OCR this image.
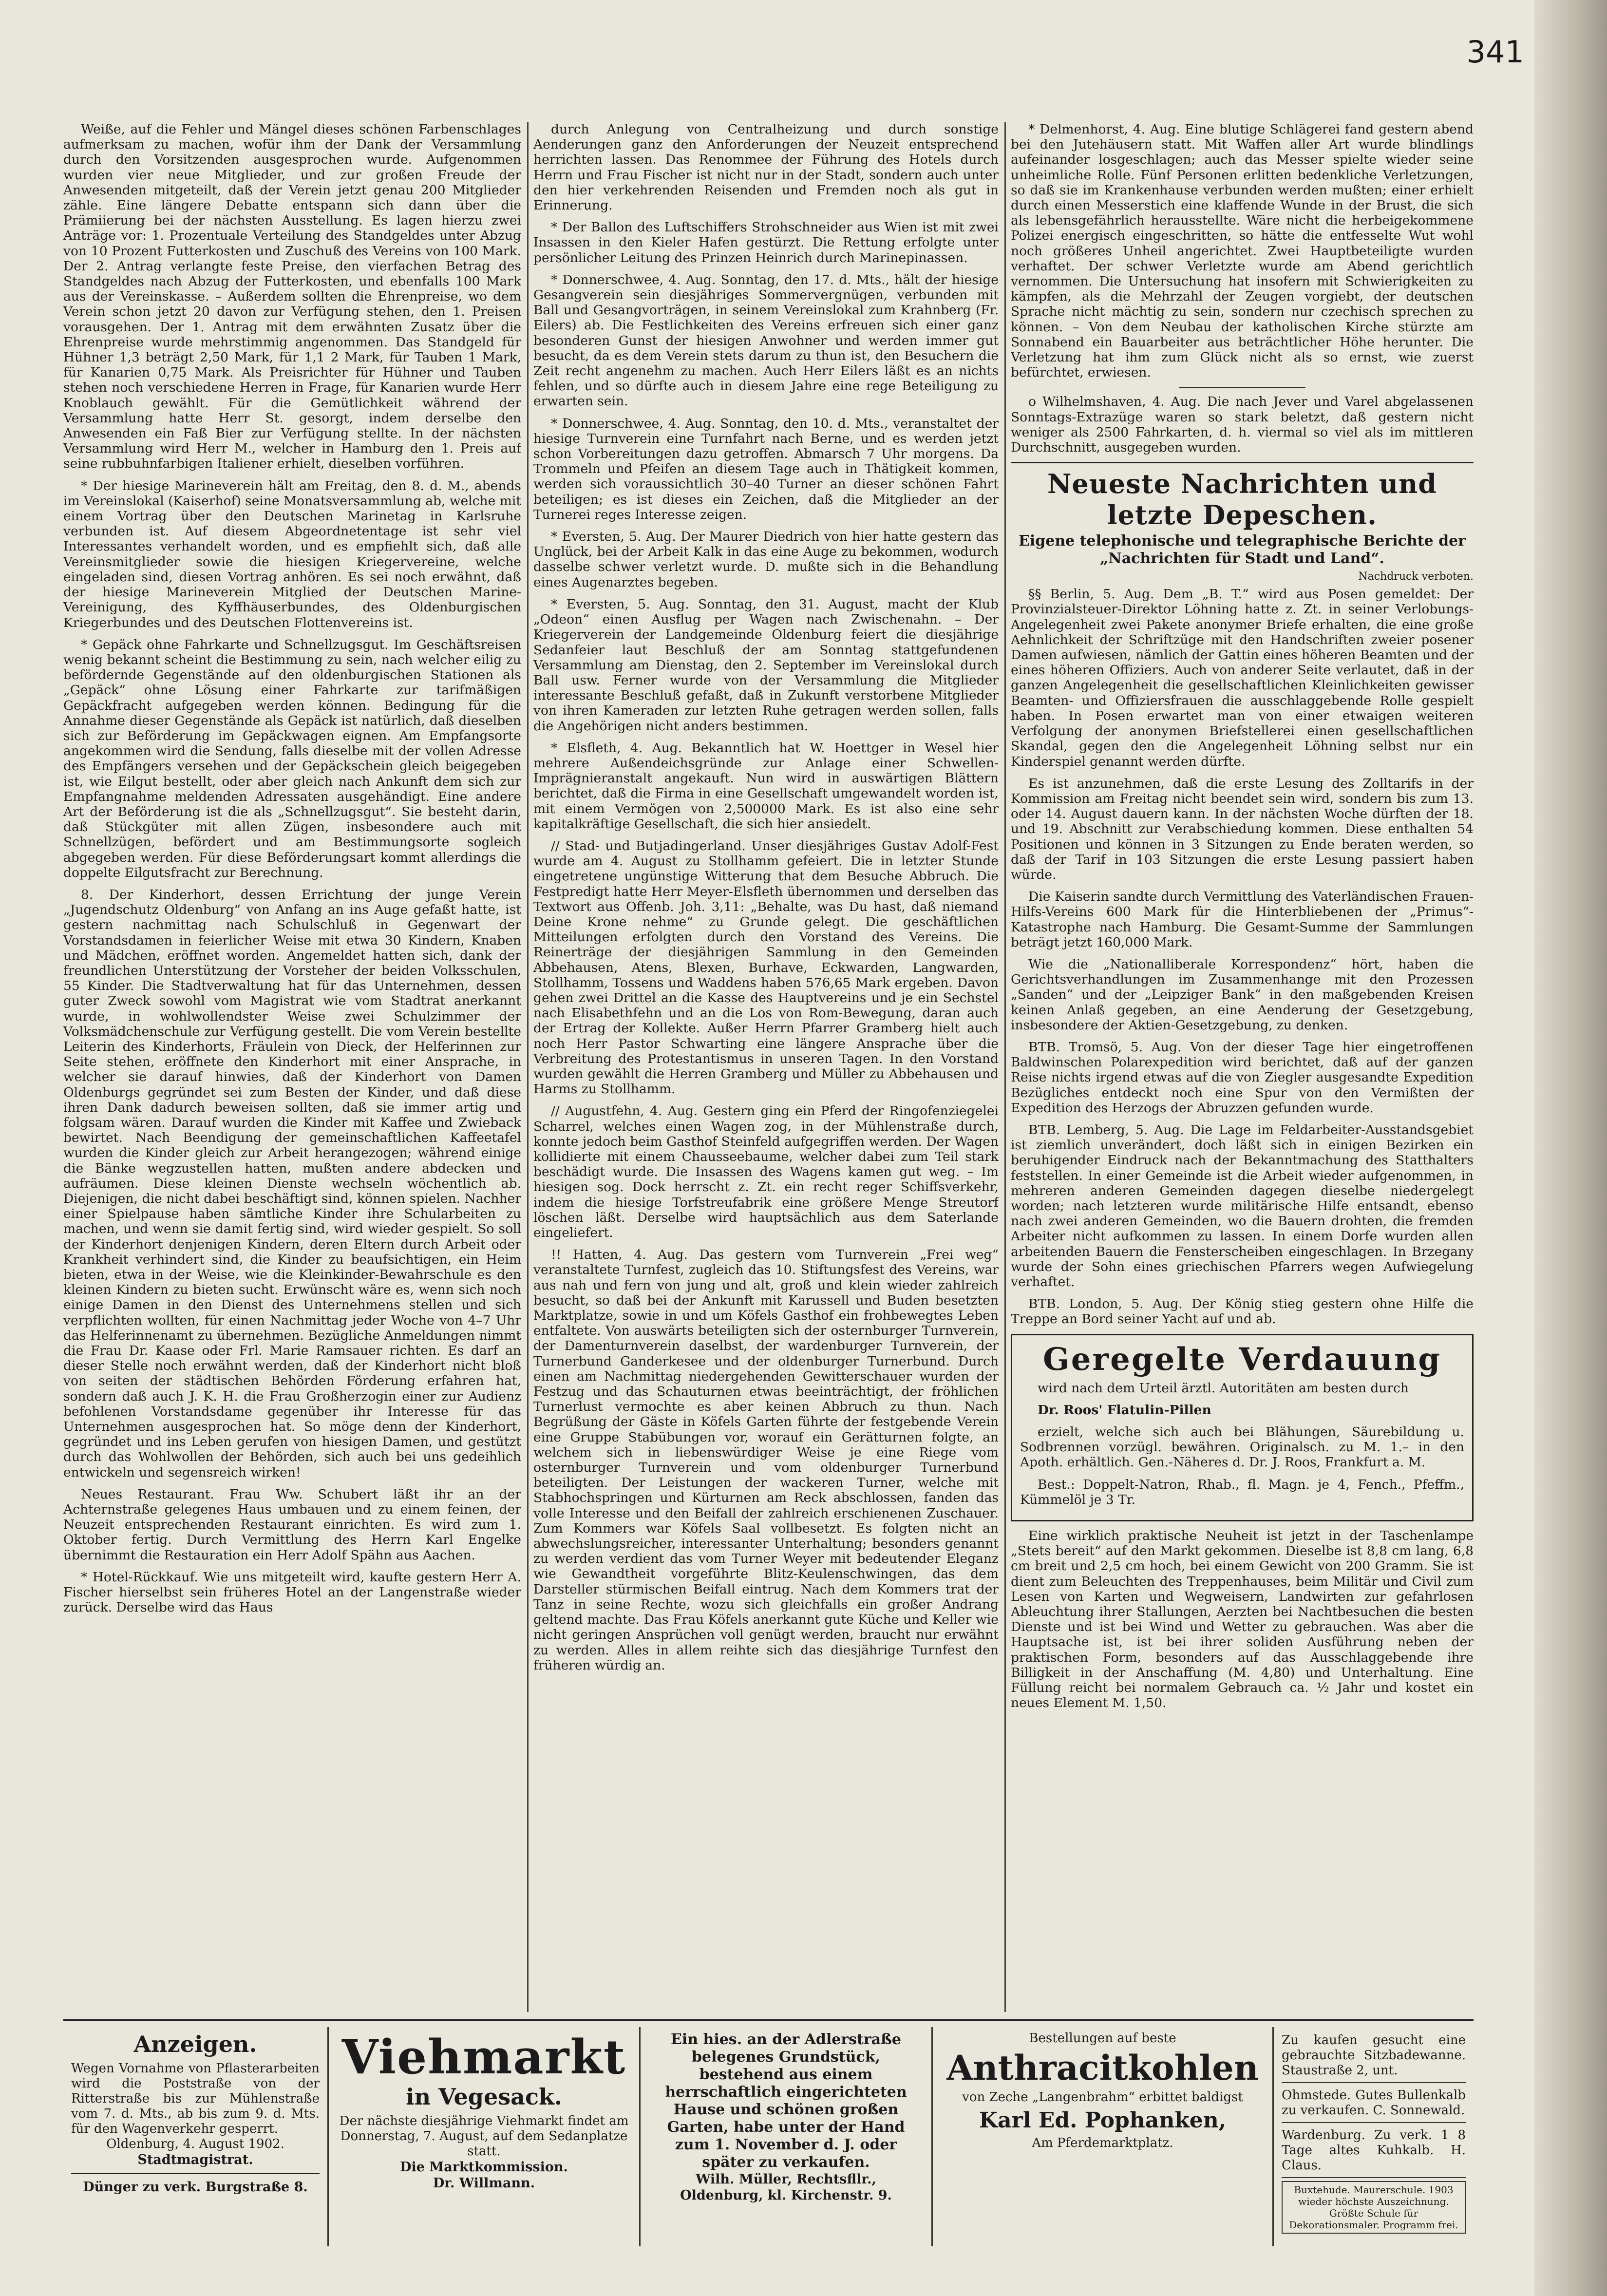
341

Weiße, auf die Fehler und Mängel dieses schönen Farbenschlages aufmerksam zu machen, wofür ihm der Dank der Versammlung durch den Vorsitzenden ausgesprochen wurde. Aufgenommen wurden vier neue Mitglieder, und zur großen Freude der Anwesenden mitgeteilt, daß der Verein jetzt genau 200 Mitglieder zähle. Eine längere Debatte entspann sich dann über die Prämiierung bei der nächsten Ausstellung. Es lagen hierzu zwei Anträge vor: 1. Prozentuale Verteilung des Standgeldes unter Abzug von 10 Prozent Futterkosten und Zuschuß des Vereins von 100 Mark. Der 2. Antrag verlangte feste Preise, den vierfachen Betrag des Standgeldes nach Abzug der Futterkosten, und ebenfalls 100 Mark aus der Vereinskasse. – Außerdem sollten die Ehrenpreise, wo dem Verein schon jetzt 20 davon zur Verfügung stehen, den 1. Preisen vorausgehen. Der 1. Antrag mit dem erwähnten Zusatz über die Ehrenpreise wurde mehrstimmig angenommen. Das Standgeld für Hühner 1,3 beträgt 2,50 Mark, für 1,1 2 Mark, für Tauben 1 Mark, für Kanarien 0,75 Mark. Als Preisrichter für Hühner und Tauben stehen noch verschiedene Herren in Frage, für Kanarien wurde Herr Knoblauch gewählt. Für die Gemütlichkeit während der Versammlung hatte Herr St. gesorgt, indem derselbe den Anwesenden ein Faß Bier zur Verfügung stellte. In der nächsten Versammlung wird Herr M., welcher in Hamburg den 1. Preis auf seine rubbuhnfarbigen Italiener erhielt, dieselben vorführen.

* Der hiesige Marineverein hält am Freitag, den 8. d. M., abends im Vereinslokal (Kaiserhof) seine Monatsversammlung ab, welche mit einem Vortrag über den Deutschen Marinetag in Karlsruhe verbunden ist. Auf diesem Abgeordnetentage ist sehr viel Interessantes verhandelt worden, und es empfiehlt sich, daß alle Vereinsmitglieder sowie die hiesigen Kriegervereine, welche eingeladen sind, diesen Vortrag anhören. Es sei noch erwähnt, daß der hiesige Marineverein Mitglied der Deutschen Marine-Vereinigung, des Kyffhäuserbundes, des Oldenburgischen Kriegerbundes und des Deutschen Flottenvereins ist.

* Gepäck ohne Fahrkarte und Schnellzugsgut. Im Geschäftsreisen wenig bekannt scheint die Bestimmung zu sein, nach welcher eilig zu befördernde Gegenstände auf den oldenburgischen Stationen als „Gepäck“ ohne Lösung einer Fahrkarte zur tarifmäßigen Gepäckfracht aufgegeben werden können. Bedingung für die Annahme dieser Gegenstände als Gepäck ist natürlich, daß dieselben sich zur Beförderung im Gepäckwagen eignen. Am Empfangsorte angekommen wird die Sendung, falls dieselbe mit der vollen Adresse des Empfängers versehen und der Gepäckschein gleich beigegeben ist, wie Eilgut bestellt, oder aber gleich nach Ankunft dem sich zur Empfangnahme meldenden Adressaten ausgehändigt. Eine andere Art der Beförderung ist die als „Schnellzugsgut“. Sie besteht darin, daß Stückgüter mit allen Zügen, insbesondere auch mit Schnellzügen, befördert und am Bestimmungsorte sogleich abgegeben werden. Für diese Beförderungsart kommt allerdings die doppelte Eilgutsfracht zur Berechnung.

8. Der Kinderhort, dessen Errichtung der junge Verein „Jugendschutz Oldenburg“ von Anfang an ins Auge gefaßt hatte, ist gestern nachmittag nach Schulschluß in Gegenwart der Vorstandsdamen in feierlicher Weise mit etwa 30 Kindern, Knaben und Mädchen, eröffnet worden. Angemeldet hatten sich, dank der freundlichen Unterstützung der Vorsteher der beiden Volksschulen, 55 Kinder. Die Stadtverwaltung hat für das Unternehmen, dessen guter Zweck sowohl vom Magistrat wie vom Stadtrat anerkannt wurde, in wohlwollendster Weise zwei Schulzimmer der Volksmädchenschule zur Verfügung gestellt. Die vom Verein bestellte Leiterin des Kinderhorts, Fräulein von Dieck, der Helferinnen zur Seite stehen, eröffnete den Kinderhort mit einer Ansprache, in welcher sie darauf hinwies, daß der Kinderhort von Damen Oldenburgs gegründet sei zum Besten der Kinder, und daß diese ihren Dank dadurch beweisen sollten, daß sie immer artig und folgsam wären. Darauf wurden die Kinder mit Kaffee und Zwieback bewirtet. Nach Beendigung der gemeinschaftlichen Kaffeetafel wurden die Kinder gleich zur Arbeit herangezogen; während einige die Bänke wegzustellen hatten, mußten andere abdecken und aufräumen. Diese kleinen Dienste wechseln wöchentlich ab. Diejenigen, die nicht dabei beschäftigt sind, können spielen. Nachher einer Spielpause haben sämtliche Kinder ihre Schularbeiten zu machen, und wenn sie damit fertig sind, wird wieder gespielt. So soll der Kinderhort denjenigen Kindern, deren Eltern durch Arbeit oder Krankheit verhindert sind, die Kinder zu beaufsichtigen, ein Heim bieten, etwa in der Weise, wie die Kleinkinder-Bewahrschule es den kleinen Kindern zu bieten sucht. Erwünscht wäre es, wenn sich noch einige Damen in den Dienst des Unternehmens stellen und sich verpflichten wollten, für einen Nachmittag jeder Woche von 4–7 Uhr das Helferinnenamt zu übernehmen. Bezügliche Anmeldungen nimmt die Frau Dr. Kaase oder Frl. Marie Ramsauer richten. Es darf an dieser Stelle noch erwähnt werden, daß der Kinderhort nicht bloß von seiten der städtischen Behörden Förderung erfahren hat, sondern daß auch J. K. H. die Frau Großherzogin einer zur Audienz befohlenen Vorstandsdame gegenüber ihr Interesse für das Unternehmen ausgesprochen hat. So möge denn der Kinderhort, gegründet und ins Leben gerufen von hiesigen Damen, und gestützt durch das Wohlwollen der Behörden, sich auch bei uns gedeihlich entwickeln und segensreich wirken!

Neues Restaurant. Frau Ww. Schubert läßt ihr an der Achternstraße gelegenes Haus umbauen und zu einem feinen, der Neuzeit entsprechenden Restaurant einrichten. Es wird zum 1. Oktober fertig. Durch Vermittlung des Herrn Karl Engelke übernimmt die Restauration ein Herr Adolf Spähn aus Aachen.

* Hotel-Rückkauf. Wie uns mitgeteilt wird, kaufte gestern Herr A. Fischer hierselbst sein früheres Hotel an der Langenstraße wieder zurück. Derselbe wird das Haus

durch Anlegung von Centralheizung und durch sonstige Aenderungen ganz den Anforderungen der Neuzeit entsprechend herrichten lassen. Das Renommee der Führung des Hotels durch Herrn und Frau Fischer ist nicht nur in der Stadt, sondern auch unter den hier verkehrenden Reisenden und Fremden noch als gut in Erinnerung.

* Der Ballon des Luftschiffers Strohschneider aus Wien ist mit zwei Insassen in den Kieler Hafen gestürzt. Die Rettung erfolgte unter persönlicher Leitung des Prinzen Heinrich durch Marinepinassen.

* Donnerschwee, 4. Aug. Sonntag, den 17. d. Mts., hält der hiesige Gesangverein sein diesjähriges Sommervergnügen, verbunden mit Ball und Gesangvorträgen, in seinem Vereinslokal zum Krahnberg (Fr. Eilers) ab. Die Festlichkeiten des Vereins erfreuen sich einer ganz besonderen Gunst der hiesigen Anwohner und werden immer gut besucht, da es dem Verein stets darum zu thun ist, den Besuchern die Zeit recht angenehm zu machen. Auch Herr Eilers läßt es an nichts fehlen, und so dürfte auch in diesem Jahre eine rege Beteiligung zu erwarten sein.

* Donnerschwee, 4. Aug. Sonntag, den 10. d. Mts., veranstaltet der hiesige Turnverein eine Turnfahrt nach Berne, und es werden jetzt schon Vorbereitungen dazu getroffen. Abmarsch 7 Uhr morgens. Da Trommeln und Pfeifen an diesem Tage auch in Thätigkeit kommen, werden sich voraussichtlich 30–40 Turner an dieser schönen Fahrt beteiligen; es ist dieses ein Zeichen, daß die Mitglieder an der Turnerei reges Interesse zeigen.

* Eversten, 5. Aug. Der Maurer Diedrich von hier hatte gestern das Unglück, bei der Arbeit Kalk in das eine Auge zu bekommen, wodurch dasselbe schwer verletzt wurde. D. mußte sich in die Behandlung eines Augenarztes begeben.

* Eversten, 5. Aug. Sonntag, den 31. August, macht der Klub „Odeon“ einen Ausflug per Wagen nach Zwischenahn. – Der Kriegerverein der Landgemeinde Oldenburg feiert die diesjährige Sedanfeier laut Beschluß der am Sonntag stattgefundenen Versammlung am Dienstag, den 2. September im Vereinslokal durch Ball usw. Ferner wurde von der Versammlung die Mitglieder interessante Beschluß gefaßt, daß in Zukunft verstorbene Mitglieder von ihren Kameraden zur letzten Ruhe getragen werden sollen, falls die Angehörigen nicht anders bestimmen.

* Elsfleth, 4. Aug. Bekanntlich hat W. Hoettger in Wesel hier mehrere Außendeichsgründe zur Anlage einer Schwellen-Imprägnieranstalt angekauft. Nun wird in auswärtigen Blättern berichtet, daß die Firma in eine Gesellschaft umgewandelt worden ist, mit einem Vermögen von 2,500000 Mark. Es ist also eine sehr kapitalkräftige Gesellschaft, die sich hier ansiedelt.

// Stad- und Butjadingerland. Unser diesjähriges Gustav Adolf-Fest wurde am 4. August zu Stollhamm gefeiert. Die in letzter Stunde eingetretene ungünstige Witterung that dem Besuche Abbruch. Die Festpredigt hatte Herr Meyer-Elsfleth übernommen und derselben das Textwort aus Offenb. Joh. 3,11: „Behalte, was Du hast, daß niemand Deine Krone nehme“ zu Grunde gelegt. Die geschäftlichen Mitteilungen erfolgten durch den Vorstand des Vereins. Die Reinerträge der diesjährigen Sammlung in den Gemeinden Abbehausen, Atens, Blexen, Burhave, Eckwarden, Langwarden, Stollhamm, Tossens und Waddens haben 576,65 Mark ergeben. Davon gehen zwei Drittel an die Kasse des Hauptvereins und je ein Sechstel nach Elisabethfehn und an die Los von Rom-Bewegung, daran auch der Ertrag der Kollekte. Außer Herrn Pfarrer Gramberg hielt auch noch Herr Pastor Schwarting eine längere Ansprache über die Verbreitung des Protestantismus in unseren Tagen. In den Vorstand wurden gewählt die Herren Gramberg und Müller zu Abbehausen und Harms zu Stollhamm.

// Augustfehn, 4. Aug. Gestern ging ein Pferd der Ringofenziegelei Scharrel, welches einen Wagen zog, in der Mühlenstraße durch, konnte jedoch beim Gasthof Steinfeld aufgegriffen werden. Der Wagen kollidierte mit einem Chausseebaume, welcher dabei zum Teil stark beschädigt wurde. Die Insassen des Wagens kamen gut weg. – Im hiesigen sog. Dock herrscht z. Zt. ein recht reger Schiffsverkehr, indem die hiesige Torfstreufabrik eine größere Menge Streutorf löschen läßt. Derselbe wird hauptsächlich aus dem Saterlande eingeliefert.

!! Hatten, 4. Aug. Das gestern vom Turnverein „Frei weg“ veranstaltete Turnfest, zugleich das 10. Stiftungsfest des Vereins, war aus nah und fern von jung und alt, groß und klein wieder zahlreich besucht, so daß bei der Ankunft mit Karussell und Buden besetzten Marktplatze, sowie in und um Köfels Gasthof ein frohbewegtes Leben entfaltete. Von auswärts beteiligten sich der osternburger Turnverein, der Damenturnverein daselbst, der wardenburger Turnverein, der Turnerbund Ganderkesee und der oldenburger Turnerbund. Durch einen am Nachmittag niedergehenden Gewitterschauer wurden der Festzug und das Schauturnen etwas beeinträchtigt, der fröhlichen Turnerlust vermochte es aber keinen Abbruch zu thun. Nach Begrüßung der Gäste in Köfels Garten führte der festgebende Verein eine Gruppe Stabübungen vor, worauf ein Gerätturnen folgte, an welchem sich in liebenswürdiger Weise je eine Riege vom osternburger Turnverein und vom oldenburger Turnerbund beteiligten. Der Leistungen der wackeren Turner, welche mit Stabhochspringen und Kürturnen am Reck abschlossen, fanden das volle Interesse und den Beifall der zahlreich erschienenen Zuschauer. Zum Kommers war Köfels Saal vollbesetzt. Es folgten nicht an abwechslungsreicher, interessanter Unterhaltung; besonders genannt zu werden verdient das vom Turner Weyer mit bedeutender Eleganz wie Gewandtheit vorgeführte Blitz-Keulenschwingen, das dem Darsteller stürmischen Beifall eintrug. Nach dem Kommers trat der Tanz in seine Rechte, wozu sich gleichfalls ein großer Andrang geltend machte. Das Frau Köfels anerkannt gute Küche und Keller wie nicht geringen Ansprüchen voll genügt werden, braucht nur erwähnt zu werden. Alles in allem reihte sich das diesjährige Turnfest den früheren würdig an.

* Delmenhorst, 4. Aug. Eine blutige Schlägerei fand gestern abend bei den Jutehäusern statt. Mit Waffen aller Art wurde blindlings aufeinander losgeschlagen; auch das Messer spielte wieder seine unheimliche Rolle. Fünf Personen erlitten bedenkliche Verletzungen, so daß sie im Krankenhause verbunden werden mußten; einer erhielt durch einen Messerstich eine klaffende Wunde in der Brust, die sich als lebensgefährlich herausstellte. Wäre nicht die herbeigekommene Polizei energisch eingeschritten, so hätte die entfesselte Wut wohl noch größeres Unheil angerichtet. Zwei Hauptbeteiligte wurden verhaftet. Der schwer Verletzte wurde am Abend gerichtlich vernommen. Die Untersuchung hat insofern mit Schwierigkeiten zu kämpfen, als die Mehrzahl der Zeugen vorgiebt, der deutschen Sprache nicht mächtig zu sein, sondern nur czechisch sprechen zu können. – Von dem Neubau der katholischen Kirche stürzte am Sonnabend ein Bauarbeiter aus beträchtlicher Höhe herunter. Die Verletzung hat ihm zum Glück nicht als so ernst, wie zuerst befürchtet, erwiesen.

o Wilhelmshaven, 4. Aug. Die nach Jever und Varel abgelassenen Sonntags-Extrazüge waren so stark beletzt, daß gestern nicht weniger als 2500 Fahrkarten, d. h. viermal so viel als im mittleren Durchschnitt, ausgegeben wurden.

Neueste Nachrichten und letzte Depeschen.
Eigene telephonische und telegraphische Berichte der „Nachrichten für Stadt und Land“.
Nachdruck verboten.

§§ Berlin, 5. Aug. Dem „B. T.“ wird aus Posen gemeldet: Der Provinzialsteuer-Direktor Löhning hatte z. Zt. in seiner Verlobungs-Angelegenheit zwei Pakete anonymer Briefe erhalten, die eine große Aehnlichkeit der Schriftzüge mit den Handschriften zweier posener Damen aufwiesen, nämlich der Gattin eines höheren Beamten und der eines höheren Offiziers. Auch von anderer Seite verlautet, daß in der ganzen Angelegenheit die gesellschaftlichen Kleinlichkeiten gewisser Beamten- und Offiziersfrauen die ausschlaggebende Rolle gespielt haben. In Posen erwartet man von einer etwaigen weiteren Verfolgung der anonymen Briefstellerei einen gesellschaftlichen Skandal, gegen den die Angelegenheit Löhning selbst nur ein Kinderspiel genannt werden dürfte.

Es ist anzunehmen, daß die erste Lesung des Zolltarifs in der Kommission am Freitag nicht beendet sein wird, sondern bis zum 13. oder 14. August dauern kann. In der nächsten Woche dürften der 18. und 19. Abschnitt zur Verabschiedung kommen. Diese enthalten 54 Positionen und können in 3 Sitzungen zu Ende beraten werden, so daß der Tarif in 103 Sitzungen die erste Lesung passiert haben würde.

Die Kaiserin sandte durch Vermittlung des Vaterländischen Frauen-Hilfs-Vereins 600 Mark für die Hinterbliebenen der „Primus“-Katastrophe nach Hamburg. Die Gesamt-Summe der Sammlungen beträgt jetzt 160,000 Mark.

Wie die „Nationalliberale Korrespondenz“ hört, haben die Gerichtsverhandlungen im Zusammenhange mit den Prozessen „Sanden“ und der „Leipziger Bank“ in den maßgebenden Kreisen keinen Anlaß gegeben, an eine Aenderung der Gesetzgebung, insbesondere der Aktien-Gesetzgebung, zu denken.

BTB. Tromsö, 5. Aug. Von der dieser Tage hier eingetroffenen Baldwinschen Polarexpedition wird berichtet, daß auf der ganzen Reise nichts irgend etwas auf die von Ziegler ausgesandte Expedition Bezügliches entdeckt noch eine Spur von den Vermißten der Expedition des Herzogs der Abruzzen gefunden wurde.

BTB. Lemberg, 5. Aug. Die Lage im Feldarbeiter-Ausstandsgebiet ist ziemlich unverändert, doch läßt sich in einigen Bezirken ein beruhigender Eindruck nach der Bekanntmachung des Statthalters feststellen. In einer Gemeinde ist die Arbeit wieder aufgenommen, in mehreren anderen Gemeinden dagegen dieselbe niedergelegt worden; nach letzteren wurde militärische Hilfe entsandt, ebenso nach zwei anderen Gemeinden, wo die Bauern drohten, die fremden Arbeiter nicht aufkommen zu lassen. In einem Dorfe wurden allen arbeitenden Bauern die Fensterscheiben eingeschlagen. In Brzegany wurde der Sohn eines griechischen Pfarrers wegen Aufwiegelung verhaftet.

BTB. London, 5. Aug. Der König stieg gestern ohne Hilfe die Treppe an Bord seiner Yacht auf und ab.

Geregelte Verdauung

wird nach dem Urteil ärztl. Autoritäten am besten durch

Dr. Roos' Flatulin-Pillen

erzielt, welche sich auch bei Blähungen, Säurebildung u. Sodbrennen vorzügl. bewähren. Originalsch. zu M. 1.– in den Apoth. erhältlich. Gen.-Näheres d. Dr. J. Roos, Frankfurt a. M.

Best.: Doppelt-Natron, Rhab., fl. Magn. je 4, Fench., Pfeffm., Kümmelöl je 3 Tr.

Eine wirklich praktische Neuheit ist jetzt in der Taschenlampe „Stets bereit“ auf den Markt gekommen. Dieselbe ist 8,8 cm lang, 6,8 cm breit und 2,5 cm hoch, bei einem Gewicht von 200 Gramm. Sie ist dient zum Beleuchten des Treppenhauses, beim Militär und Civil zum Lesen von Karten und Wegweisern, Landwirten zur gefahrlosen Ableuchtung ihrer Stallungen, Aerzten bei Nachtbesuchen die besten Dienste und ist bei Wind und Wetter zu gebrauchen. Was aber die Hauptsache ist, ist bei ihrer soliden Ausführung neben der praktischen Form, besonders auf das Ausschlaggebende ihre Billigkeit in der Anschaffung (M. 4,80) und Unterhaltung. Eine Füllung reicht bei normalem Gebrauch ca. ½ Jahr und kostet ein neues Element M. 1,50.

Anzeigen.

Wegen Vornahme von Pflasterarbeiten wird die Poststraße von der Ritterstraße bis zur Mühlenstraße vom 7. d. Mts., ab bis zum 9. d. Mts. für den Wagenverkehr gesperrt.

Oldenburg, 4. August 1902.

Stadtmagistrat.

Dünger zu verk. Burgstraße 8.

Viehmarkt
in Vegesack.

Der nächste diesjährige Viehmarkt findet am Donnerstag, 7. August, auf dem Sedanplatze statt.

Die Marktkommission.

Dr. Willmann.

Ein hies. an der Adlerstraße belegenes Grundstück, bestehend aus einem herrschaftlich eingerichteten Hause und schönen großen Garten, habe unter der Hand zum 1. November d. J. oder später zu verkaufen.

Wilh. Müller, Rechtsfllr.,

Oldenburg, kl. Kirchenstr. 9.

Bestellungen auf beste

Anthracitkohlen

von Zeche „Langenbrahm“ erbittet baldigst

Karl Ed. Pophanken,

Am Pferdemarktplatz.

Zu kaufen gesucht eine gebrauchte Sitzbadewanne. Staustraße 2, unt.

Ohmstede. Gutes Bullenkalb zu verkaufen. C. Sonnewald.

Wardenburg. Zu verk. 1 8 Tage altes Kuhkalb. H. Claus.

Buxtehude. Maurerschule. 1903 wieder höchste Auszeichnung. Größte Schule für Dekorationsmaler. Programm frei.
